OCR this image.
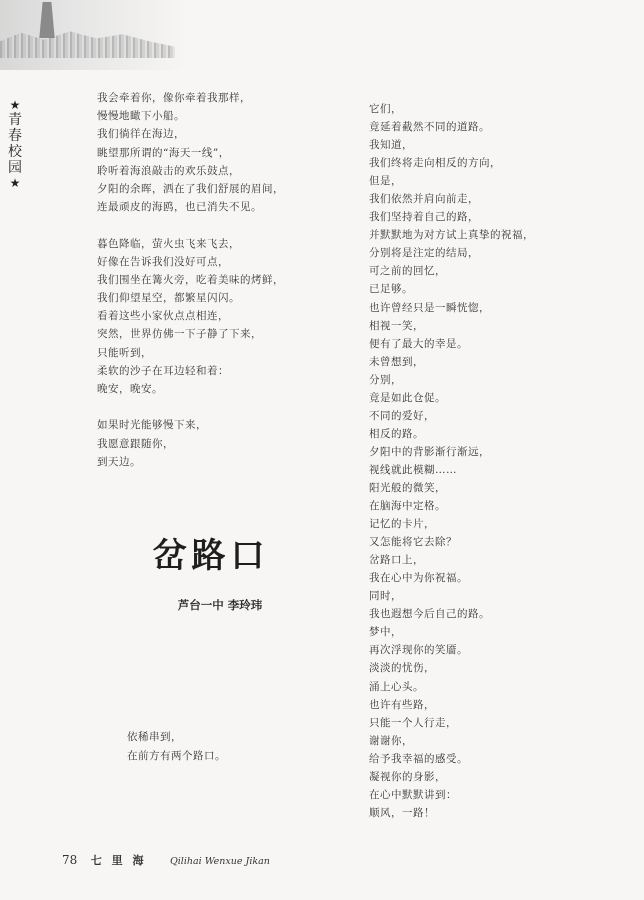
★
青春校园
★
我会牵着你，像你牵着我那样，
慢慢地瞰下小船。
我们徜徉在海边，
眺望那所谓的“海天一线”，
聆听着海浪敲击的欢乐鼓点，
夕阳的余晖，洒在了我们舒展的眉间，
连最顽皮的海鸥，也已消失不见。
暮色降临，萤火虫飞来飞去，
好像在告诉我们没好可点，
我们围坐在篝火旁，吃着美味的烤鲜，
我们仰望星空，都繁星闪闪。
看着这些小家伙点点相连，
突然，世界仿佛一下子静了下来，
只能听到，
柔软的沙子在耳边轻和着：
晚安，晚安。
如果时光能够慢下来，
我愿意跟随你，
到天边。
岔路口
芦台一中 李玲玮
依稀串到，
在前方有两个路口。
它们，
竟延着截然不同的道路。
我知道，
我们终将走向相反的方向，
但是，
我们依然并肩向前走，
我们坚持着自己的路，
并默默地为对方试上真挚的祝福，
分别将是注定的结局，
可之前的回忆，
已足够。
也许曾经只是一瞬恍惚，
相视一笑，
便有了最大的幸是。
未曾想到，
分别，
竟是如此仓促。
不同的爱好，
相反的路。
夕阳中的背影渐行渐远，
视线就此模糊……
阳光般的微笑，
在脑海中定格。
记忆的卡片，
又怎能将它去除？
岔路口上，
我在心中为你祝福。
同时，
我也遐想今后自己的路。
梦中，
再次浮现你的笑靥。
淡淡的忧伤，
涌上心头。
也许有些路，
只能一个人行走，
谢谢你，
给予我幸福的感受。
凝视你的身影，
在心中默默讲到：
顺风，一路！
78 七 里 海 Qilihai Wenxue Jikan
